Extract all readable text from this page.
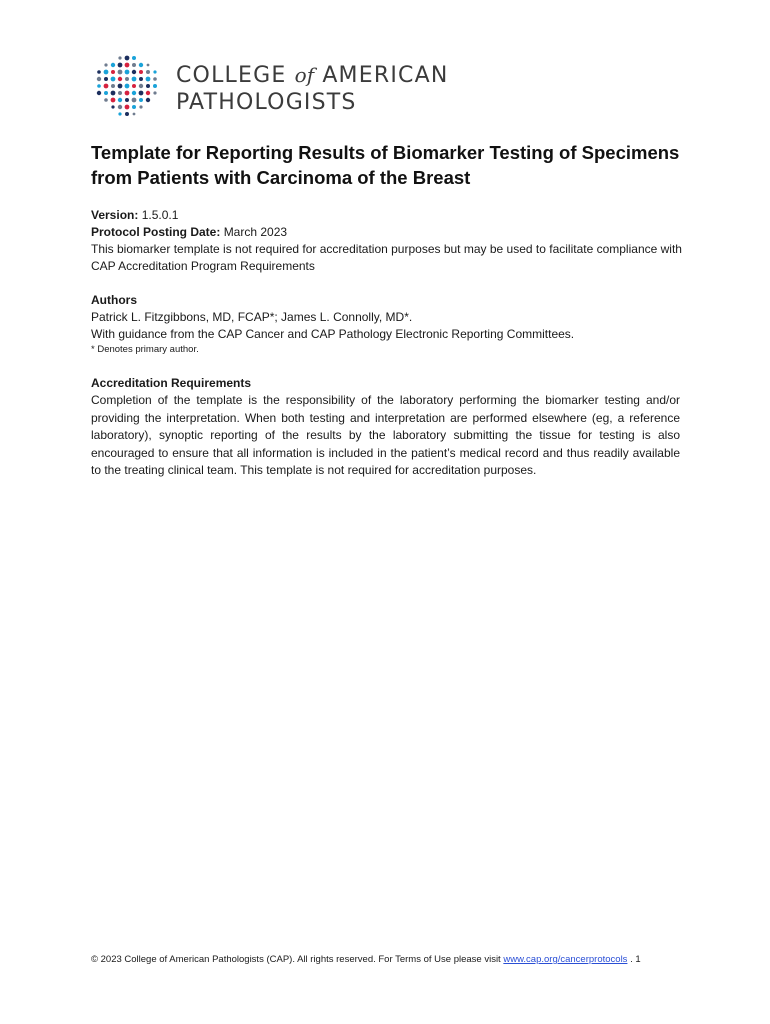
COLLEGE of AMERICAN
PATHOLOGISTS
Template for Reporting Results of Biomarker Testing of Specimens from Patients with Carcinoma of the Breast

Version: 1.5.0.1

Protocol Posting Date: March 2023

This biomarker template is not required for accreditation purposes but may be used to facilitate compliance with CAP Accreditation Program Requirements

Authors

Patrick L. Fitzgibbons, MD, FCAP*; James L. Connolly, MD*.

With guidance from the CAP Cancer and CAP Pathology Electronic Reporting Committees.

* Denotes primary author.

Accreditation Requirements

Completion of the template is the responsibility of the laboratory performing the biomarker testing and/or providing the interpretation. When both testing and interpretation are performed elsewhere (eg, a reference laboratory), synoptic reporting of the results by the laboratory submitting the tissue for testing is also encouraged to ensure that all information is included in the patient’s medical record and thus readily available to the treating clinical team. This template is not required for accreditation purposes.

© 2023 College of American Pathologists (CAP). All rights reserved. For Terms of Use please visit www.cap.org/cancerprotocols . 1
